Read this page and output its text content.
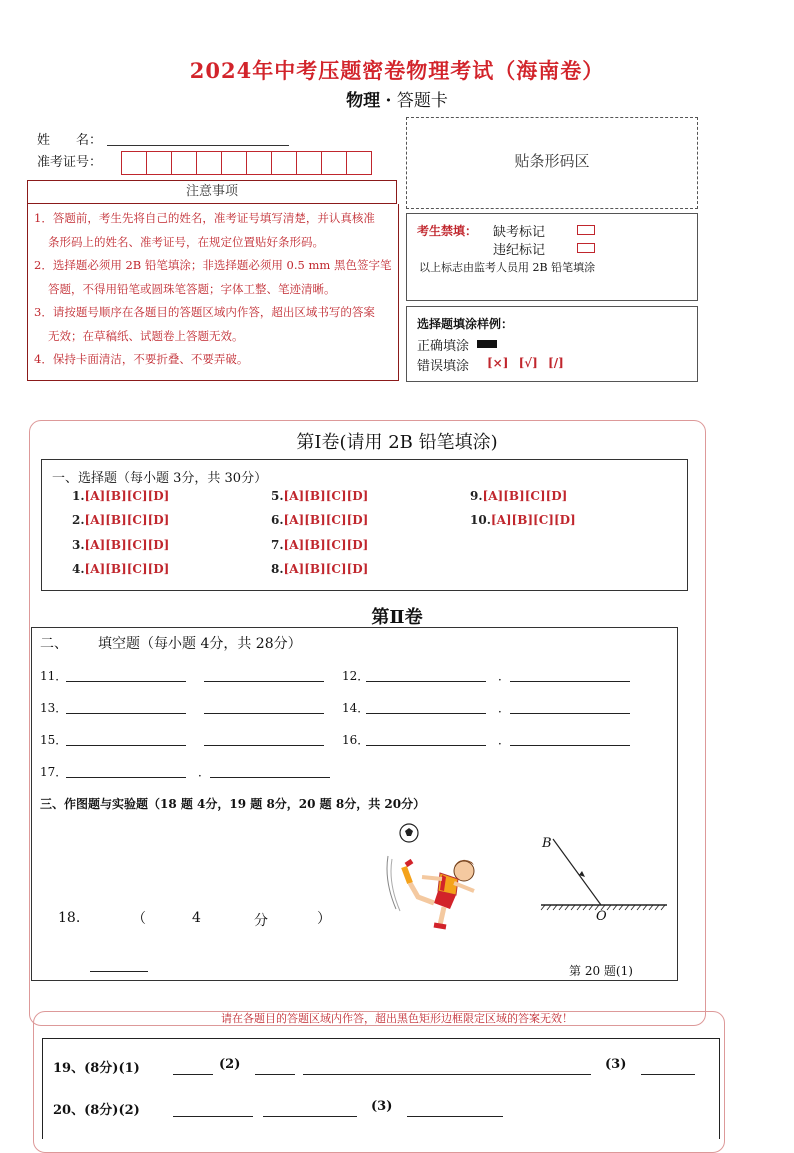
2024年中考压题密卷物理考试（海南卷）
物理 · 答题卡
姓　　名：
准考证号：	贴条形码区
注意事项

1．答题前，考生先将自己的姓名，准考证号填写清楚，并认真核准

条形码上的姓名、准考证号，在规定位置贴好条形码。

2．选择题必须用 2B 铅笔填涂；非选择题必须用 0.5 mm 黑色签字笔

答题，不得用铅笔或圆珠笔答题；字体工整、笔迹清晰。

3．请按题号顺序在各题目的答题区域内作答，超出区域书写的答案

无效；在草稿纸、试题卷上答题无效。

4．保持卡面清洁，不要折叠、不要弄破。

考生禁填： 缺考标记
违纪标记
以上标志由监考人员用 2B 铅笔填涂
选择题填涂样例：
正确填涂
错误填涂 [×] [√] [/]
第Ⅰ卷(请用 2B 铅笔填涂)
一、选择题（每小题 3分，共 30分）
1.[A][B][C][D]
2.[A][B][C][D]
3.[A][B][C][D]
4.[A][B][C][D]
5.[A][B][C][D]
6.[A][B][C][D]
7.[A][B][C][D]
8.[A][B][C][D]
9.[A][B][C][D]
10.[A][B][C][D]
第Ⅱ卷
二、 填空题（每小题 4分，共 28分）
11．	12．	．
13．	14．	．
15．	16．	．
17．	．
三、作图题与实验题（18 题 4分，19 题 8分，20 题 8分，共 20分）
18.	（	4	分	）
B
O
第 20 题(1)
请在各题目的答题区域内作答，超出黑色矩形边框限定区域的答案无效！
19、(8分)(1)	(2)	(3)
20、(8分)(2)	(3)
